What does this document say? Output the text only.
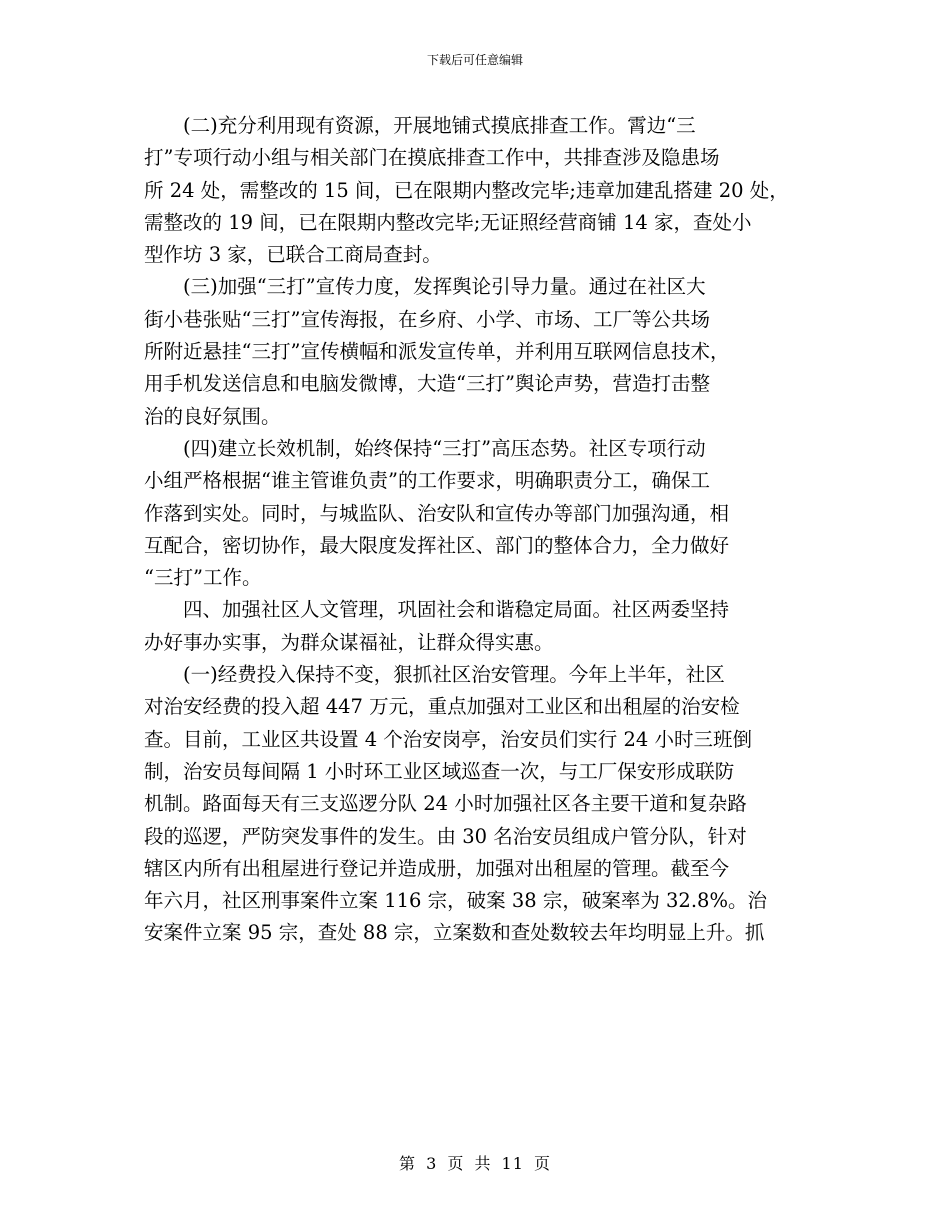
下载后可任意编辑
(二)充分利用现有资源，开展地铺式摸底排查工作。霄边“三
打”专项行动小组与相关部门在摸底排查工作中，共排查涉及隐患场
所 24 处，需整改的 15 间，已在限期内整改完毕;违章加建乱搭建 20 处，
需整改的 19 间，已在限期内整改完毕;无证照经营商铺 14 家，查处小
型作坊 3 家，已联合工商局查封。
(三)加强“三打”宣传力度，发挥舆论引导力量。通过在社区大
街小巷张贴“三打”宣传海报，在乡府、小学、市场、工厂等公共场
所附近悬挂“三打”宣传横幅和派发宣传单，并利用互联网信息技术，
用手机发送信息和电脑发微博，大造“三打”舆论声势，营造打击整
治的良好氛围。
(四)建立长效机制，始终保持“三打”高压态势。社区专项行动
小组严格根据“谁主管谁负责”的工作要求，明确职责分工，确保工
作落到实处。同时，与城监队、治安队和宣传办等部门加强沟通，相
互配合，密切协作，最大限度发挥社区、部门的整体合力，全力做好
“三打”工作。
四、加强社区人文管理，巩固社会和谐稳定局面。社区两委坚持
办好事办实事，为群众谋福祉，让群众得实惠。
(一)经费投入保持不变，狠抓社区治安管理。今年上半年，社区
对治安经费的投入超 447 万元，重点加强对工业区和出租屋的治安检
查。目前，工业区共设置 4 个治安岗亭，治安员们实行 24 小时三班倒
制，治安员每间隔 1 小时环工业区域巡查一次，与工厂保安形成联防
机制。路面每天有三支巡逻分队 24 小时加强社区各主要干道和复杂路
段的巡逻，严防突发事件的发生。由 30 名治安员组成户管分队，针对
辖区内所有出租屋进行登记并造成册，加强对出租屋的管理。截至今
年六月，社区刑事案件立案 116 宗，破案 38 宗，破案率为 32.8%。治
安案件立案 95 宗，查处 88 宗，立案数和查处数较去年均明显上升。抓
第 3 页 共 11 页
